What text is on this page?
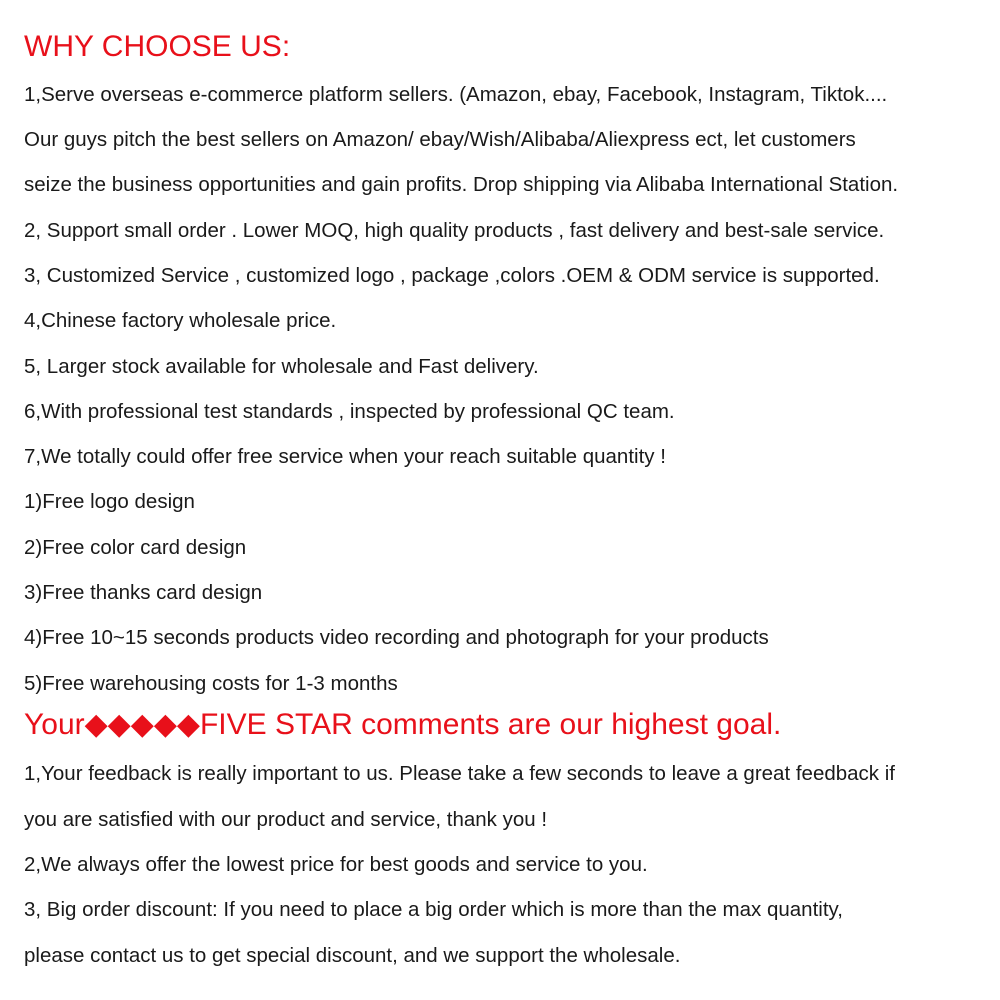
WHY CHOOSE US:
1,Serve overseas e-commerce platform sellers. (Amazon, ebay, Facebook, Instagram, Tiktok....
Our guys pitch the best sellers on Amazon/ ebay/Wish/Alibaba/Aliexpress ect, let customers
seize the business opportunities and gain profits. Drop shipping via Alibaba International Station.
2, Support small order . Lower MOQ, high quality products , fast delivery and best-sale service.
3, Customized Service , customized logo , package ,colors .OEM & ODM service is supported.
4,Chinese factory wholesale price.
5, Larger stock available for wholesale and Fast delivery.
6,With professional test standards , inspected by professional QC team.
7,We totally could offer free service when your reach suitable quantity !
1)Free logo design
2)Free color card design
3)Free thanks card design
4)Free 10~15 seconds products video recording and photograph for your products
5)Free warehousing costs for 1-3 months
Your◆◆◆◆◆FIVE STAR comments are our highest goal.
1,Your feedback is really important to us. Please take a few seconds to leave a great feedback if
you are satisfied with our product and service, thank you !
2,We always offer the lowest price for best goods and service to you.
3, Big order discount: If you need to place a big order which is more than the max quantity,
please contact us to get special discount, and we support the wholesale.
